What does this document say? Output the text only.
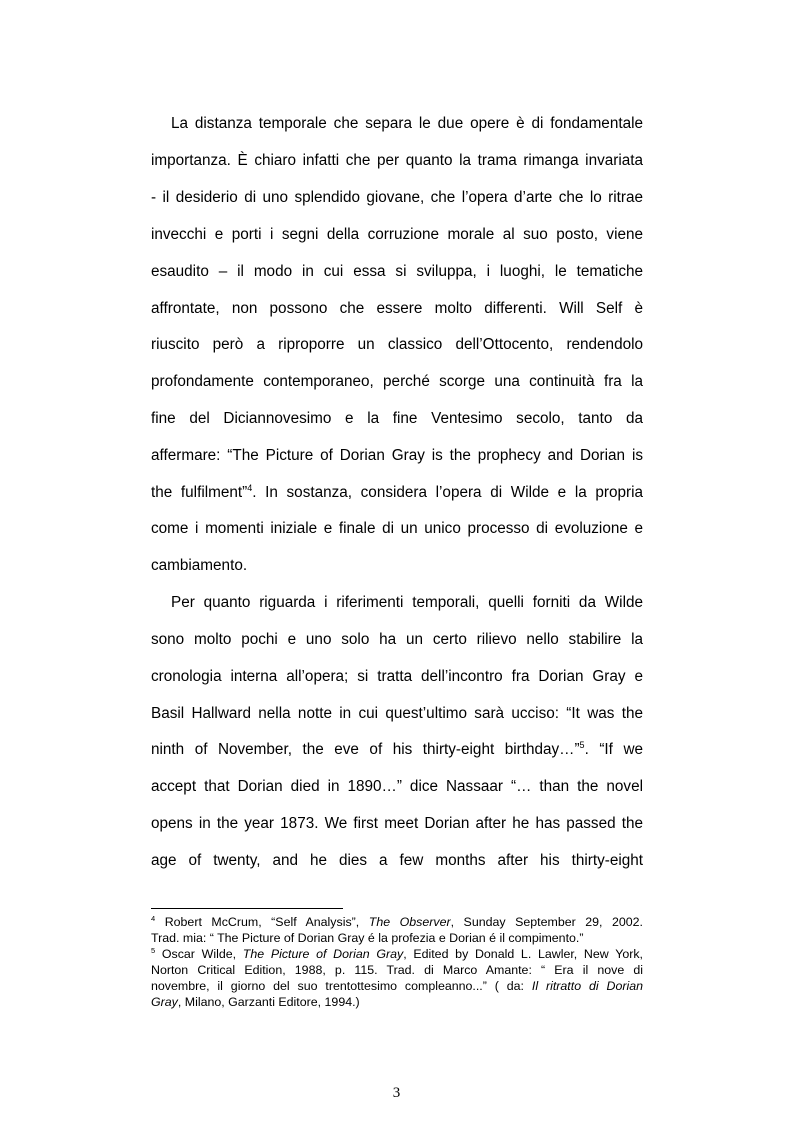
La distanza temporale che separa le due opere è di fondamentale
importanza. È chiaro infatti che per quanto la trama rimanga invariata
- il desiderio di uno splendido giovane, che l’opera d’arte che lo ritrae
invecchi e porti i segni della corruzione morale al suo posto, viene
esaudito – il modo in cui essa si sviluppa, i luoghi, le tematiche
affrontate, non possono che essere molto differenti. Will Self è
riuscito però a riproporre un classico dell’Ottocento, rendendolo
profondamente contemporaneo, perché scorge una continuità fra la
fine del Diciannovesimo e la fine Ventesimo secolo, tanto da
affermare: “The Picture of Dorian Gray is the prophecy and Dorian is
the fulfilment”$^4$. In sostanza, considera l’opera di Wilde e la propria
come i momenti iniziale e finale di un unico processo di evoluzione e
cambiamento.
Per quanto riguarda i riferimenti temporali, quelli forniti da Wilde
sono molto pochi e uno solo ha un certo rilievo nello stabilire la
cronologia interna all’opera; si tratta dell’incontro fra Dorian Gray e
Basil Hallward nella notte in cui quest’ultimo sarà ucciso: “It was the
ninth of November, the eve of his thirty-eight birthday…”$^5$. “If we
accept that Dorian died in 1890…” dice Nassaar “… than the novel
opens in the year 1873. We first meet Dorian after he has passed the
age of twenty, and he dies a few months after his thirty-eight
$^4$ Robert McCrum, “Self Analysis”, The Observer, Sunday September 29, 2002.
Trad. mia: “ The Picture of Dorian Gray é la profezia e Dorian é il compimento.”
$^5$ Oscar Wilde, The Picture of Dorian Gray, Edited by Donald L. Lawler, New York,
Norton Critical Edition, 1988, p. 115. Trad. di Marco Amante: “ Era il nove di
novembre, il giorno del suo trentottesimo compleanno...” ( da: Il ritratto di Dorian
Gray, Milano, Garzanti Editore, 1994.)
3
